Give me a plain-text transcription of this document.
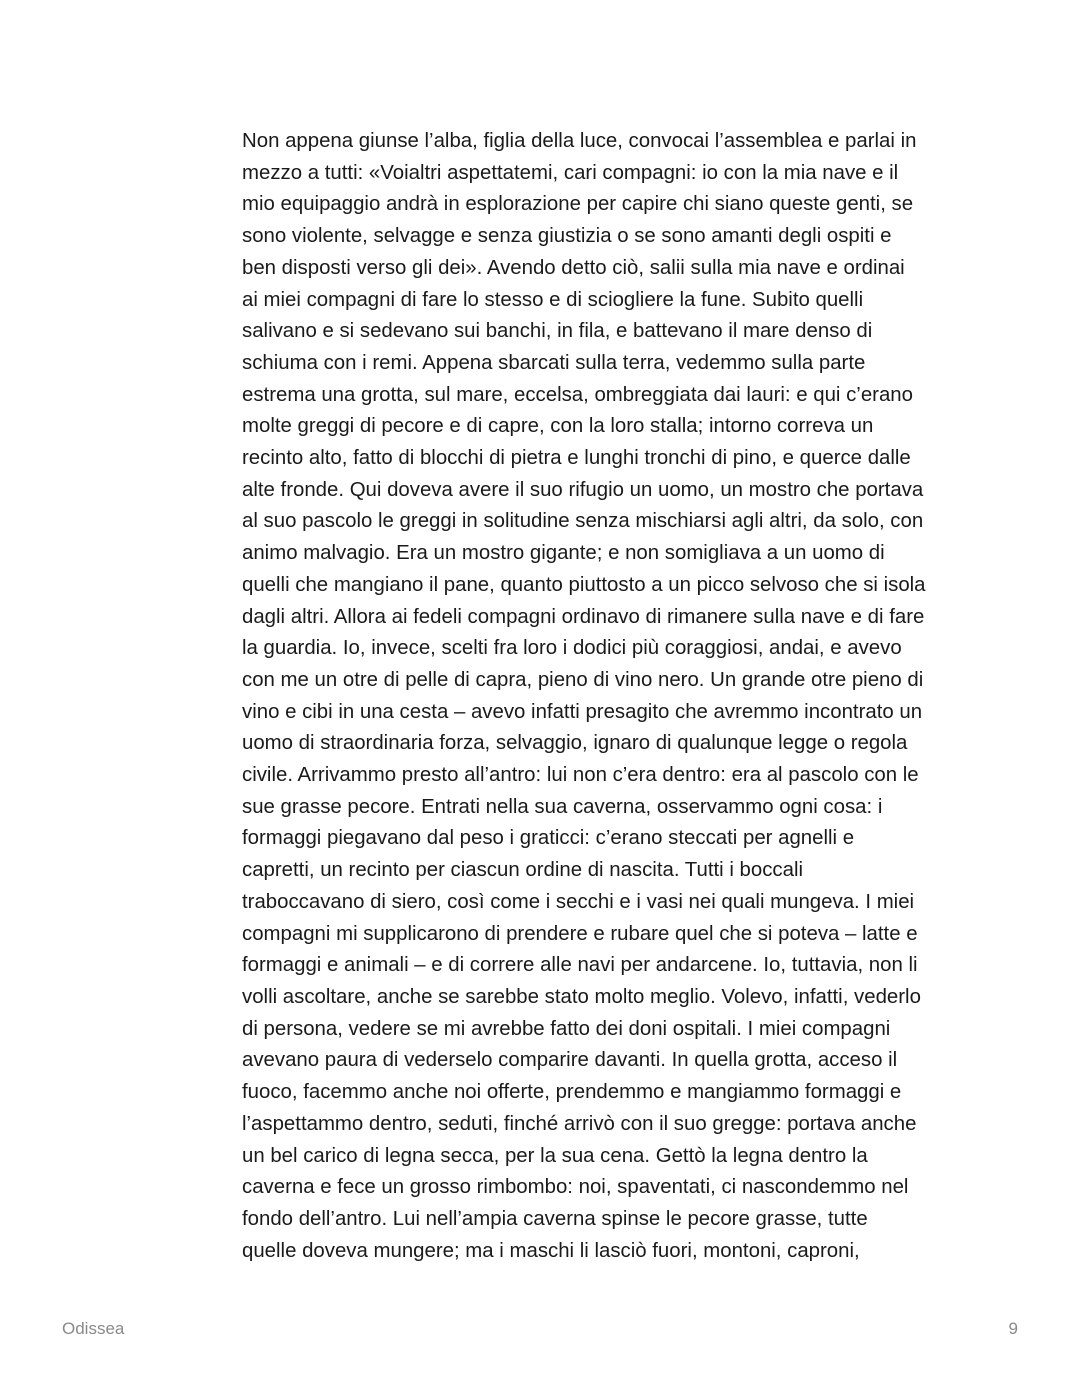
Non appena giunse l’alba, figlia della luce, convocai l’assemblea e parlai in
mezzo a tutti: «Voialtri aspettatemi, cari compagni: io con la mia nave e il
mio equipaggio andrà in esplorazione per capire chi siano queste genti, se
sono violente, selvagge e senza giustizia o se sono amanti degli ospiti e
ben disposti verso gli dei». Avendo detto ciò, salii sulla mia nave e ordinai
ai miei compagni di fare lo stesso e di sciogliere la fune. Subito quelli
salivano e si sedevano sui banchi, in fila, e battevano il mare denso di
schiuma con i remi. Appena sbarcati sulla terra, vedemmo sulla parte
estrema una grotta, sul mare, eccelsa, ombreggiata dai lauri: e qui c’erano
molte greggi di pecore e di capre, con la loro stalla; intorno correva un
recinto alto, fatto di blocchi di pietra e lunghi tronchi di pino, e querce dalle
alte fronde. Qui doveva avere il suo rifugio un uomo, un mostro che portava
al suo pascolo le greggi in solitudine senza mischiarsi agli altri, da solo, con
animo malvagio. Era un mostro gigante; e non somigliava a un uomo di
quelli che mangiano il pane, quanto piuttosto a un picco selvoso che si isola
dagli altri. Allora ai fedeli compagni ordinavo di rimanere sulla nave e di fare
la guardia. Io, invece, scelti fra loro i dodici più coraggiosi, andai, e avevo
con me un otre di pelle di capra, pieno di vino nero. Un grande otre pieno di
vino e cibi in una cesta – avevo infatti presagito che avremmo incontrato un
uomo di straordinaria forza, selvaggio, ignaro di qualunque legge o regola
civile. Arrivammo presto all’antro: lui non c’era dentro: era al pascolo con le
sue grasse pecore. Entrati nella sua caverna, osservammo ogni cosa: i
formaggi piegavano dal peso i graticci: c’erano steccati per agnelli e
capretti, un recinto per ciascun ordine di nascita. Tutti i boccali
traboccavano di siero, così come i secchi e i vasi nei quali mungeva. I miei
compagni mi supplicarono di prendere e rubare quel che si poteva – latte e
formaggi e animali – e di correre alle navi per andarcene. Io, tuttavia, non li
volli ascoltare, anche se sarebbe stato molto meglio. Volevo, infatti, vederlo
di persona, vedere se mi avrebbe fatto dei doni ospitali. I miei compagni
avevano paura di vederselo comparire davanti. In quella grotta, acceso il
fuoco, facemmo anche noi offerte, prendemmo e mangiammo formaggi e
l’aspettammo dentro, seduti, finché arrivò con il suo gregge: portava anche
un bel carico di legna secca, per la sua cena. Gettò la legna dentro la
caverna e fece un grosso rimbombo: noi, spaventati, ci nascondemmo nel
fondo dell’antro. Lui nell’ampia caverna spinse le pecore grasse, tutte
quelle doveva mungere; ma i maschi li lasciò fuori, montoni, caproni,
Odissea	9
